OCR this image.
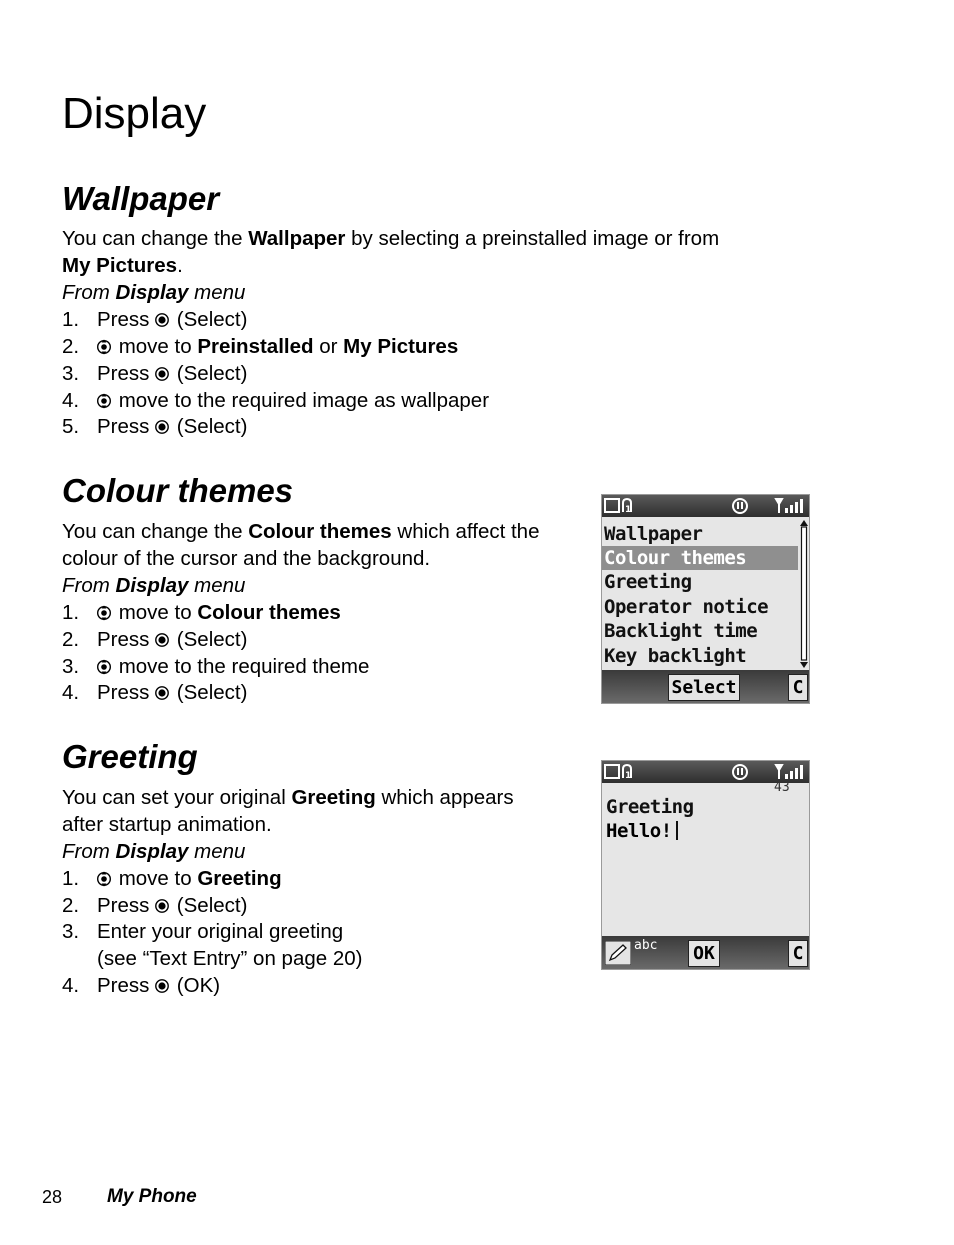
Display
Wallpaper
You can change the Wallpaper by selecting a preinstalled image or from
My Pictures.
From Display menu
1. Press  (Select)
2.	move to Preinstalled or My Pictures
3. Press  (Select)
4.	move to the required image as wallpaper
5. Press  (Select)
Colour themes
You can change the Colour themes which affect the
colour of the cursor and the background.
From Display menu
1.	move to Colour themes
2. Press  (Select)
3.	move to the required theme
4. Press  (Select)
1
Wallpaper
Colour themes
Greeting
Operator notice
Backlight time
Key backlight
Select	C
Greeting
You can set your original Greeting which appears
after startup animation.
From Display menu
1.	move to Greeting
2. Press  (Select)
3. Enter your original greeting
(see “Text Entry” on page 20)
4. Press  (OK)
1
43
Greeting
Hello!
abc OK	C
28 My Phone
